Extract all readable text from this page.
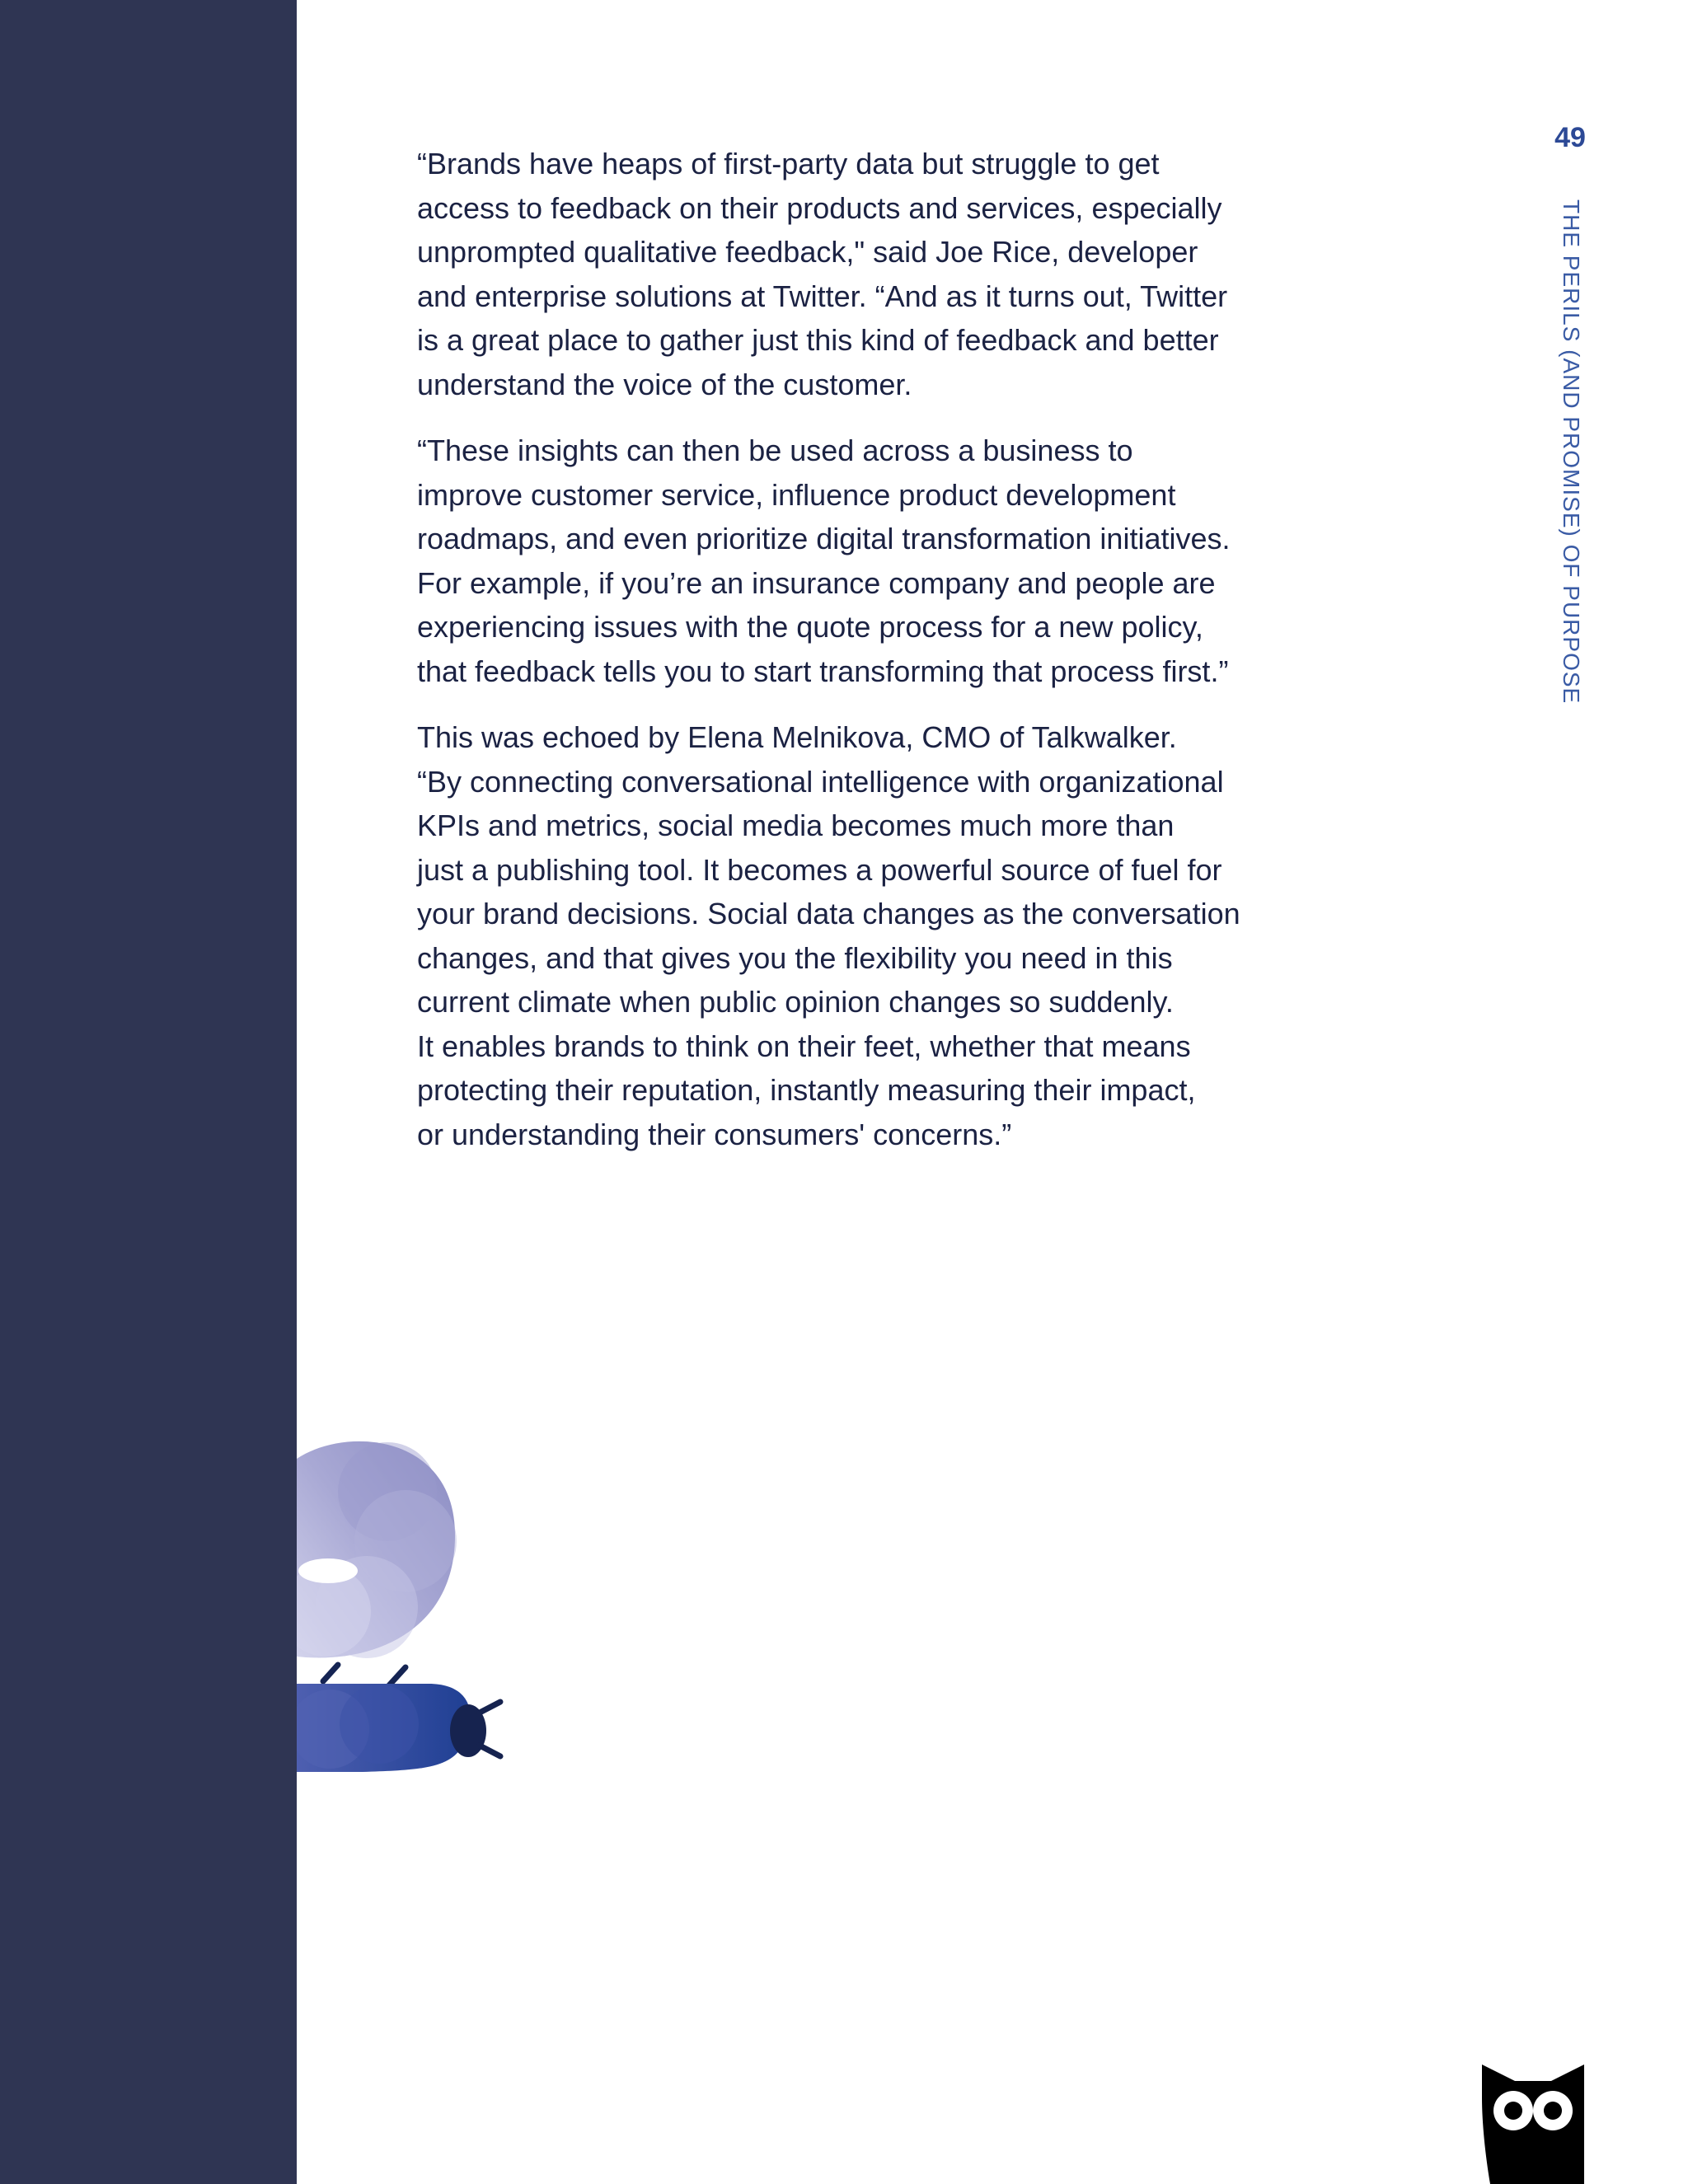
49
THE PERILS (AND PROMISE) OF PURPOSE

“Brands have heaps of first-party data but struggle to get
access to feedback on their products and services, especially
unprompted qualitative feedback," said Joe Rice, developer
and enterprise solutions at Twitter. “And as it turns out, Twitter
is a great place to gather just this kind of feedback and better
understand the voice of the customer.

“These insights can then be used across a business to
improve customer service, influence product development
roadmaps, and even prioritize digital transformation initiatives.
For example, if you’re an insurance company and people are
experiencing issues with the quote process for a new policy,
that feedback tells you to start transforming that process first.”

This was echoed by Elena Melnikova, CMO of Talkwalker.
“By connecting conversational intelligence with organizational
KPIs and metrics, social media becomes much more than
just a publishing tool. It becomes a powerful source of fuel for
your brand decisions. Social data changes as the conversation
changes, and that gives you the flexibility you need in this
current climate when public opinion changes so suddenly.
It enables brands to think on their feet, whether that means
protecting their reputation, instantly measuring their impact,
or understanding their consumers' concerns.”
